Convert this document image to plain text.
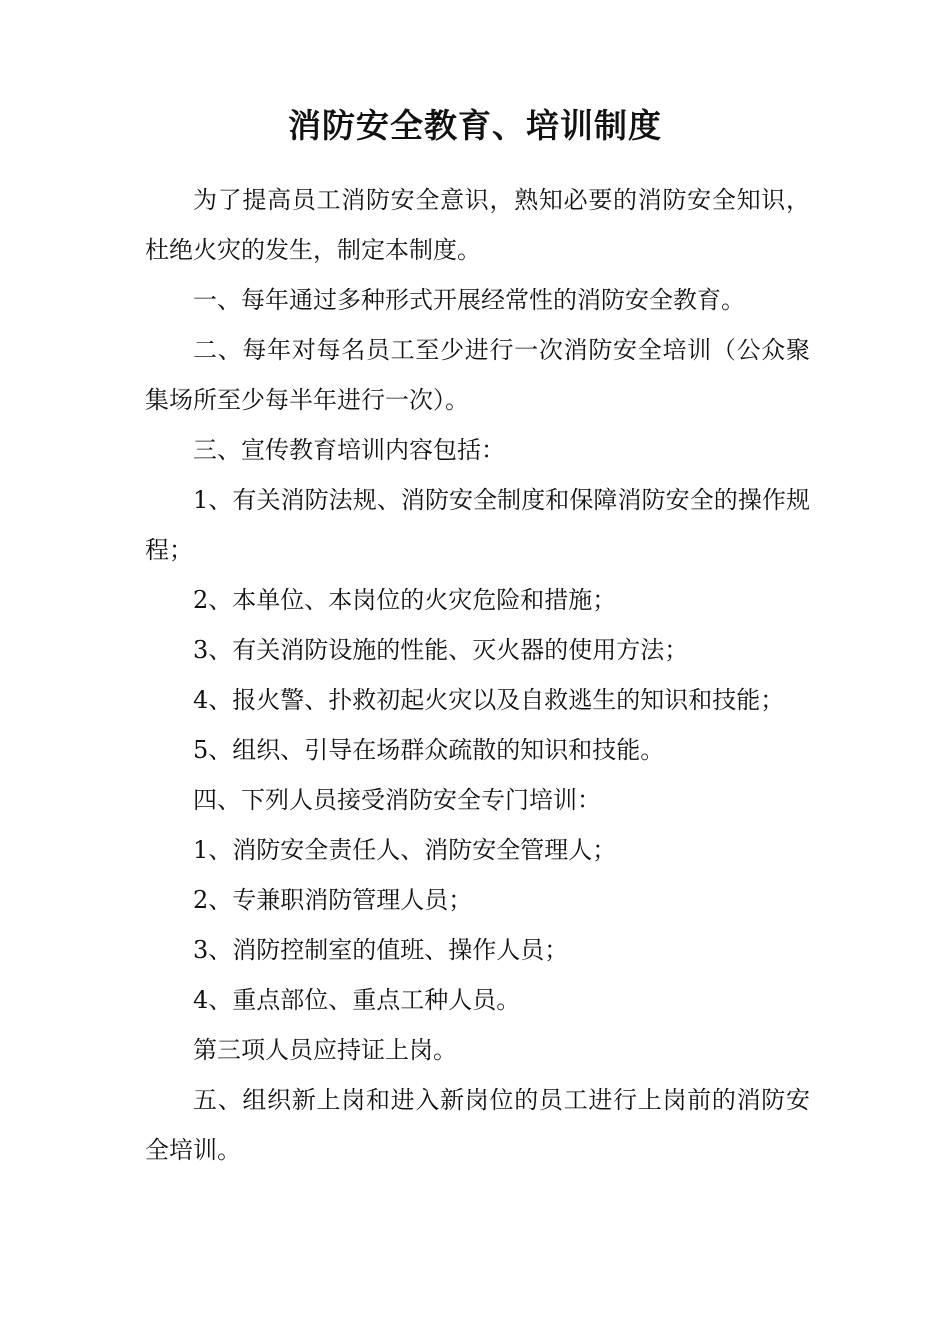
消防安全教育、培训制度

为了提高员工消防安全意识，熟知必要的消防安全知识，杜绝火灾的发生，制定本制度。

一、每年通过多种形式开展经常性的消防安全教育。

二、每年对每名员工至少进行一次消防安全培训（公众聚集场所至少每半年进行一次）。

三、宣传教育培训内容包括：

1、有关消防法规、消防安全制度和保障消防安全的操作规程；

2、本单位、本岗位的火灾危险和措施；

3、有关消防设施的性能、灭火器的使用方法；

4、报火警、扑救初起火灾以及自救逃生的知识和技能；

5、组织、引导在场群众疏散的知识和技能。

四、下列人员接受消防安全专门培训：

1、消防安全责任人、消防安全管理人；

2、专兼职消防管理人员；

3、消防控制室的值班、操作人员；

4、重点部位、重点工种人员。

第三项人员应持证上岗。

五、组织新上岗和进入新岗位的员工进行上岗前的消防安全培训。
